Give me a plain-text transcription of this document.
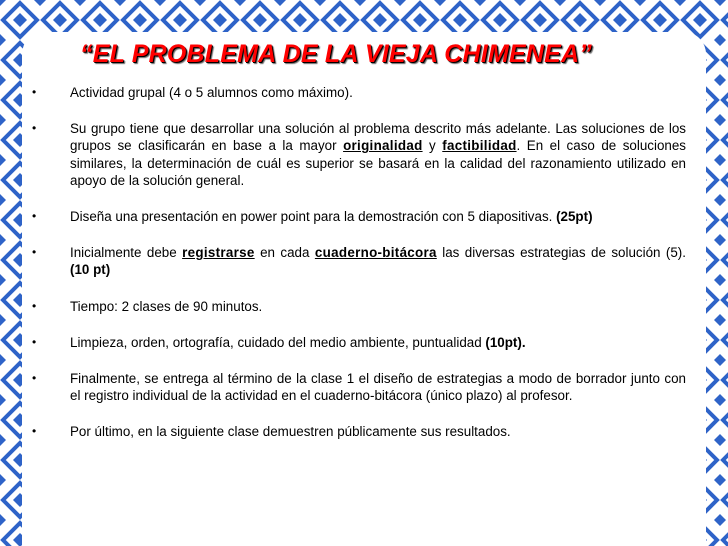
“EL PROBLEMA DE LA VIEJA CHIMENEA”
•	Actividad grupal (4 o 5 alumnos como máximo).
•	Su grupo tiene que desarrollar una solución al problema descrito más adelante. Las soluciones de los grupos se clasificarán en base a la mayor originalidad y factibilidad. En el caso de soluciones similares, la determinación de cuál es superior se basará en la calidad del razonamiento utilizado en apoyo de la solución general.
•	Diseña una presentación en power point para la demostración con 5 diapositivas. (25pt)
•	Inicialmente debe registrarse en cada cuaderno-bitácora las diversas estrategias de solución (5). (10 pt)
•	Tiempo: 2 clases de 90 minutos.
•	Limpieza, orden, ortografía, cuidado del medio ambiente, puntualidad (10pt).
•	Finalmente, se entrega al término de la clase 1 el diseño de estrategias a modo de borrador junto con el registro individual de la actividad en el cuaderno-bitácora (único plazo) al profesor.
•	Por último, en la siguiente clase demuestren públicamente sus resultados.
